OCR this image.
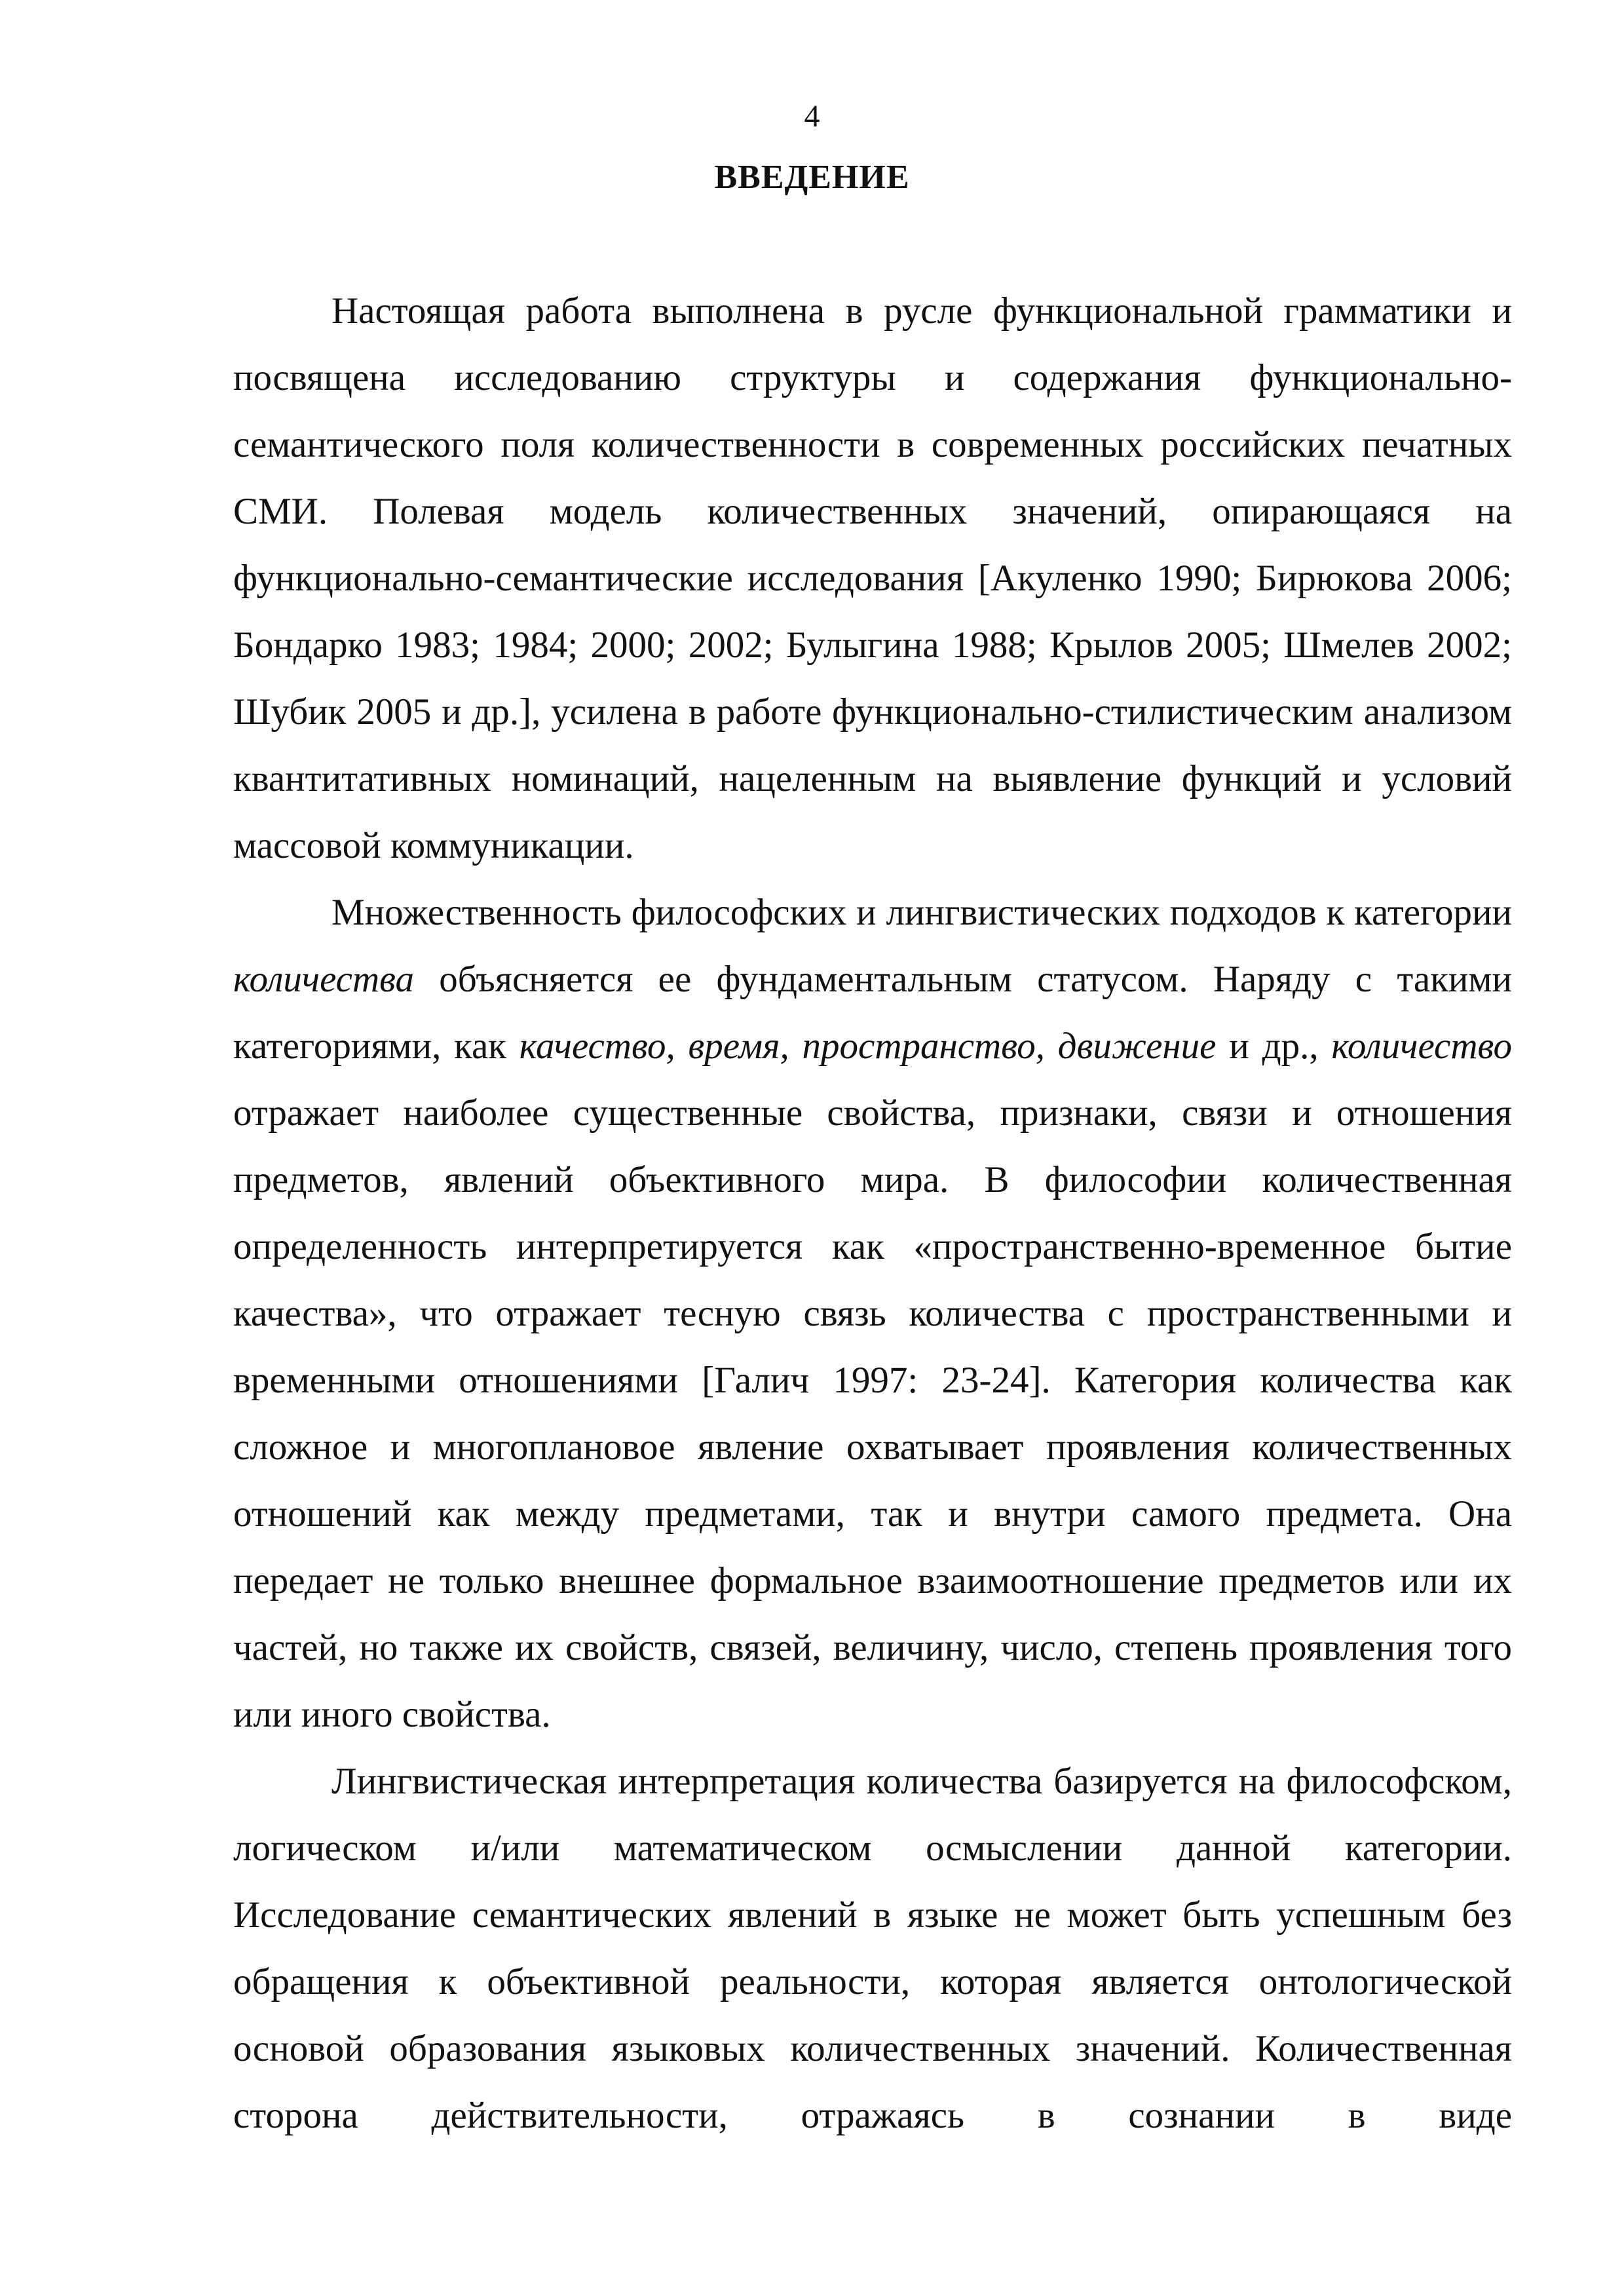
4
ВВЕДЕНИЕ

Настоящая работа выполнена в русле функциональной грамматики и посвящена исследованию структуры и содержания функционально-семантического поля количественности в современных российских печатных СМИ. Полевая модель количественных значений, опирающаяся на функционально-семантические исследования [Акуленко 1990; Бирюкова 2006; Бондарко 1983; 1984; 2000; 2002; Булыгина 1988; Крылов 2005; Шмелев 2002; Шубик 2005 и др.], усилена в работе функционально-стилистическим анализом квантитативных номинаций, нацеленным на выявление функций и условий массовой коммуникации.

Множественность философских и лингвистических подходов к категории количества объясняется ее фундаментальным статусом. Наряду с такими категориями, как качество, время, пространство, движение и др., количество отражает наиболее существенные свойства, признаки, связи и отношения предметов, явлений объективного мира. В философии количественная определенность интерпретируется как «пространственно-временное бытие качества», что отражает тесную связь количества с пространственными и временными отношениями [Галич 1997: 23-24]. Категория количества как сложное и многоплановое явление охватывает проявления количественных отношений как между предметами, так и внутри самого предмета. Она передает не только внешнее формальное взаимоотношение предметов или их частей, но также их свойств, связей, величину, число, степень проявления того или иного свойства.

Лингвистическая интерпретация количества базируется на философском, логическом и/или математическом осмыслении данной категории. Исследование семантических явлений в языке не может быть успешным без обращения к объективной реальности, которая является онтологической основой образования языковых количественных значений. Количественная сторона действительности, отражаясь в сознании в виде
